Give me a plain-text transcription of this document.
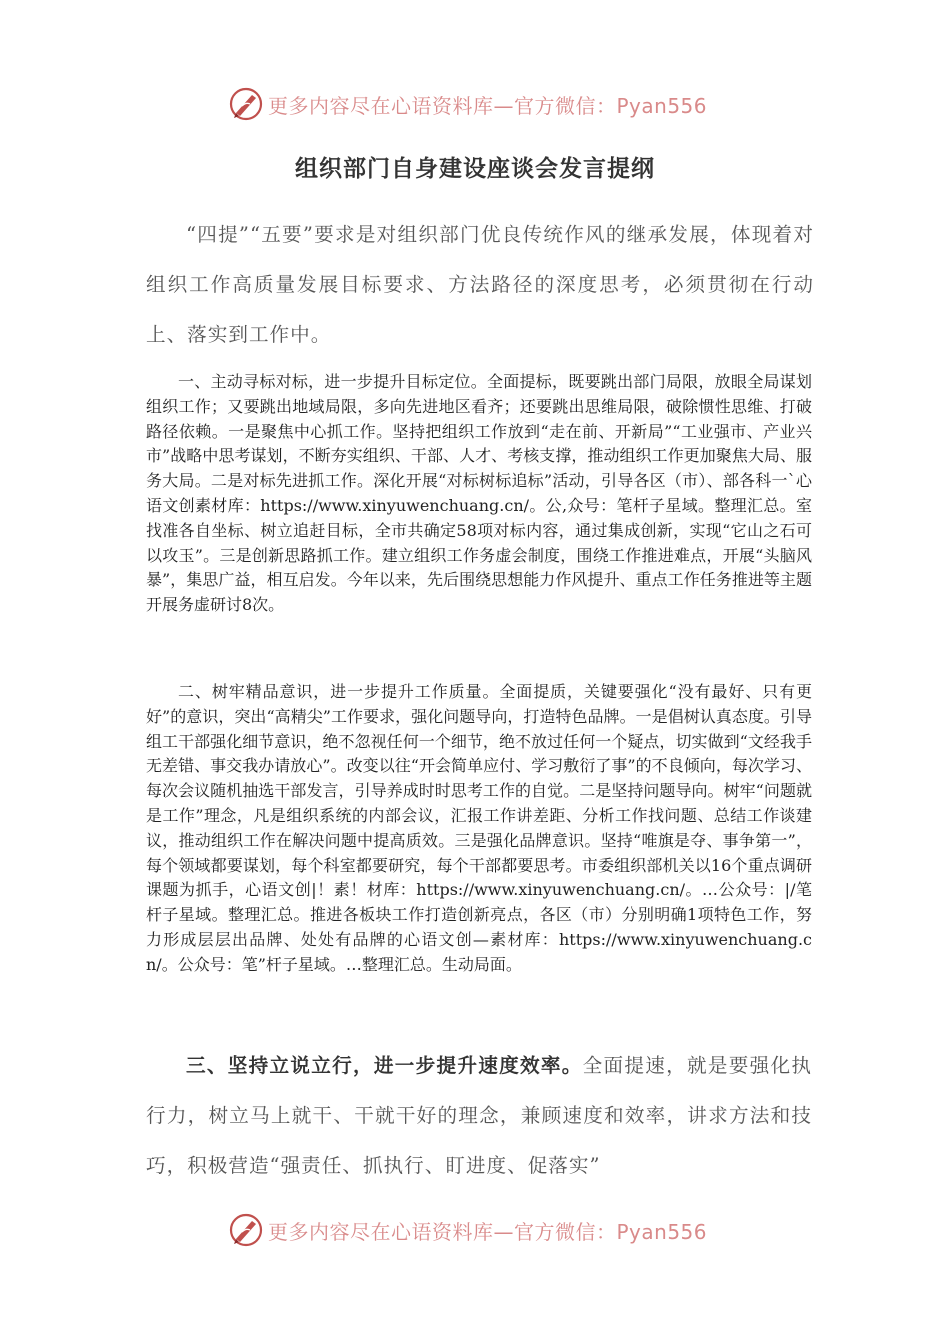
更多内容尽在心语资料库—官方微信：Pyan556
组织部门自身建设座谈会发言提纲
“四提”“五要”要求是对组织部门优良传统作风的继承发展，体现着对组织工作高质量发展目标要求、方法路径的深度思考，必须贯彻在行动上、落实到工作中。
一、主动寻标对标，进一步提升目标定位。全面提标，既要跳出部门局限，放眼全局谋划组织工作；又要跳出地域局限，多向先进地区看齐；还要跳出思维局限，破除惯性思维、打破路径依赖。一是聚焦中心抓工作。坚持把组织工作放到“走在前、开新局”“工业强市、产业兴市”战略中思考谋划，不断夯实组织、干部、人才、考核支撑，推动组织工作更加聚焦大局、服务大局。二是对标先进抓工作。深化开展“对标树标追标”活动，引导各区（市）、部各科一`心语文创素材库：https://www.xinyuwenchuang.cn/。公,众号：笔杆子星域。整理汇总。室找准各自坐标、树立追赶目标，全市共确定58项对标内容，通过集成创新，实现“它山之石可以攻玉”。三是创新思路抓工作。建立组织工作务虚会制度，围绕工作推进难点，开展“头脑风暴”，集思广益，相互启发。今年以来，先后围绕思想能力作风提升、重点工作任务推进等主题开展务虚研讨8次。
二、树牢精品意识，进一步提升工作质量。全面提质，关键要强化“没有最好、只有更好”的意识，突出“高精尖”工作要求，强化问题导向，打造特色品牌。一是倡树认真态度。引导组工干部强化细节意识，绝不忽视任何一个细节，绝不放过任何一个疑点，切实做到“文经我手无差错、事交我办请放心”。改变以往“开会简单应付、学习敷衍了事”的不良倾向，每次学习、每次会议随机抽选干部发言，引导养成时时思考工作的自觉。二是坚持问题导向。树牢“问题就是工作”理念，凡是组织系统的内部会议，汇报工作讲差距、分析工作找问题、总结工作谈建议，推动组织工作在解决问题中提高质效。三是强化品牌意识。坚持“唯旗是夺、事争第一”，每个领域都要谋划，每个科室都要研究，每个干部都要思考。市委组织部机关以16个重点调研课题为抓手，心语文创|！素！材库：https://www.xinyuwenchuang.cn/。…公众号：|/笔杆子星域。整理汇总。推进各板块工作打造创新亮点，各区（市）分别明确1项特色工作，努力形成层层出品牌、处处有品牌的心语文创—素材库：https://www.xinyuwenchuang.cn/。公众号：笔”杆子星域。…整理汇总。生动局面。
三、坚持立说立行，进一步提升速度效率。全面提速，就是要强化执行力，树立马上就干、干就干好的理念，兼顾速度和效率，讲求方法和技巧，积极营造“强责任、抓执行、盯进度、促落实”
更多内容尽在心语资料库—官方微信：Pyan556
